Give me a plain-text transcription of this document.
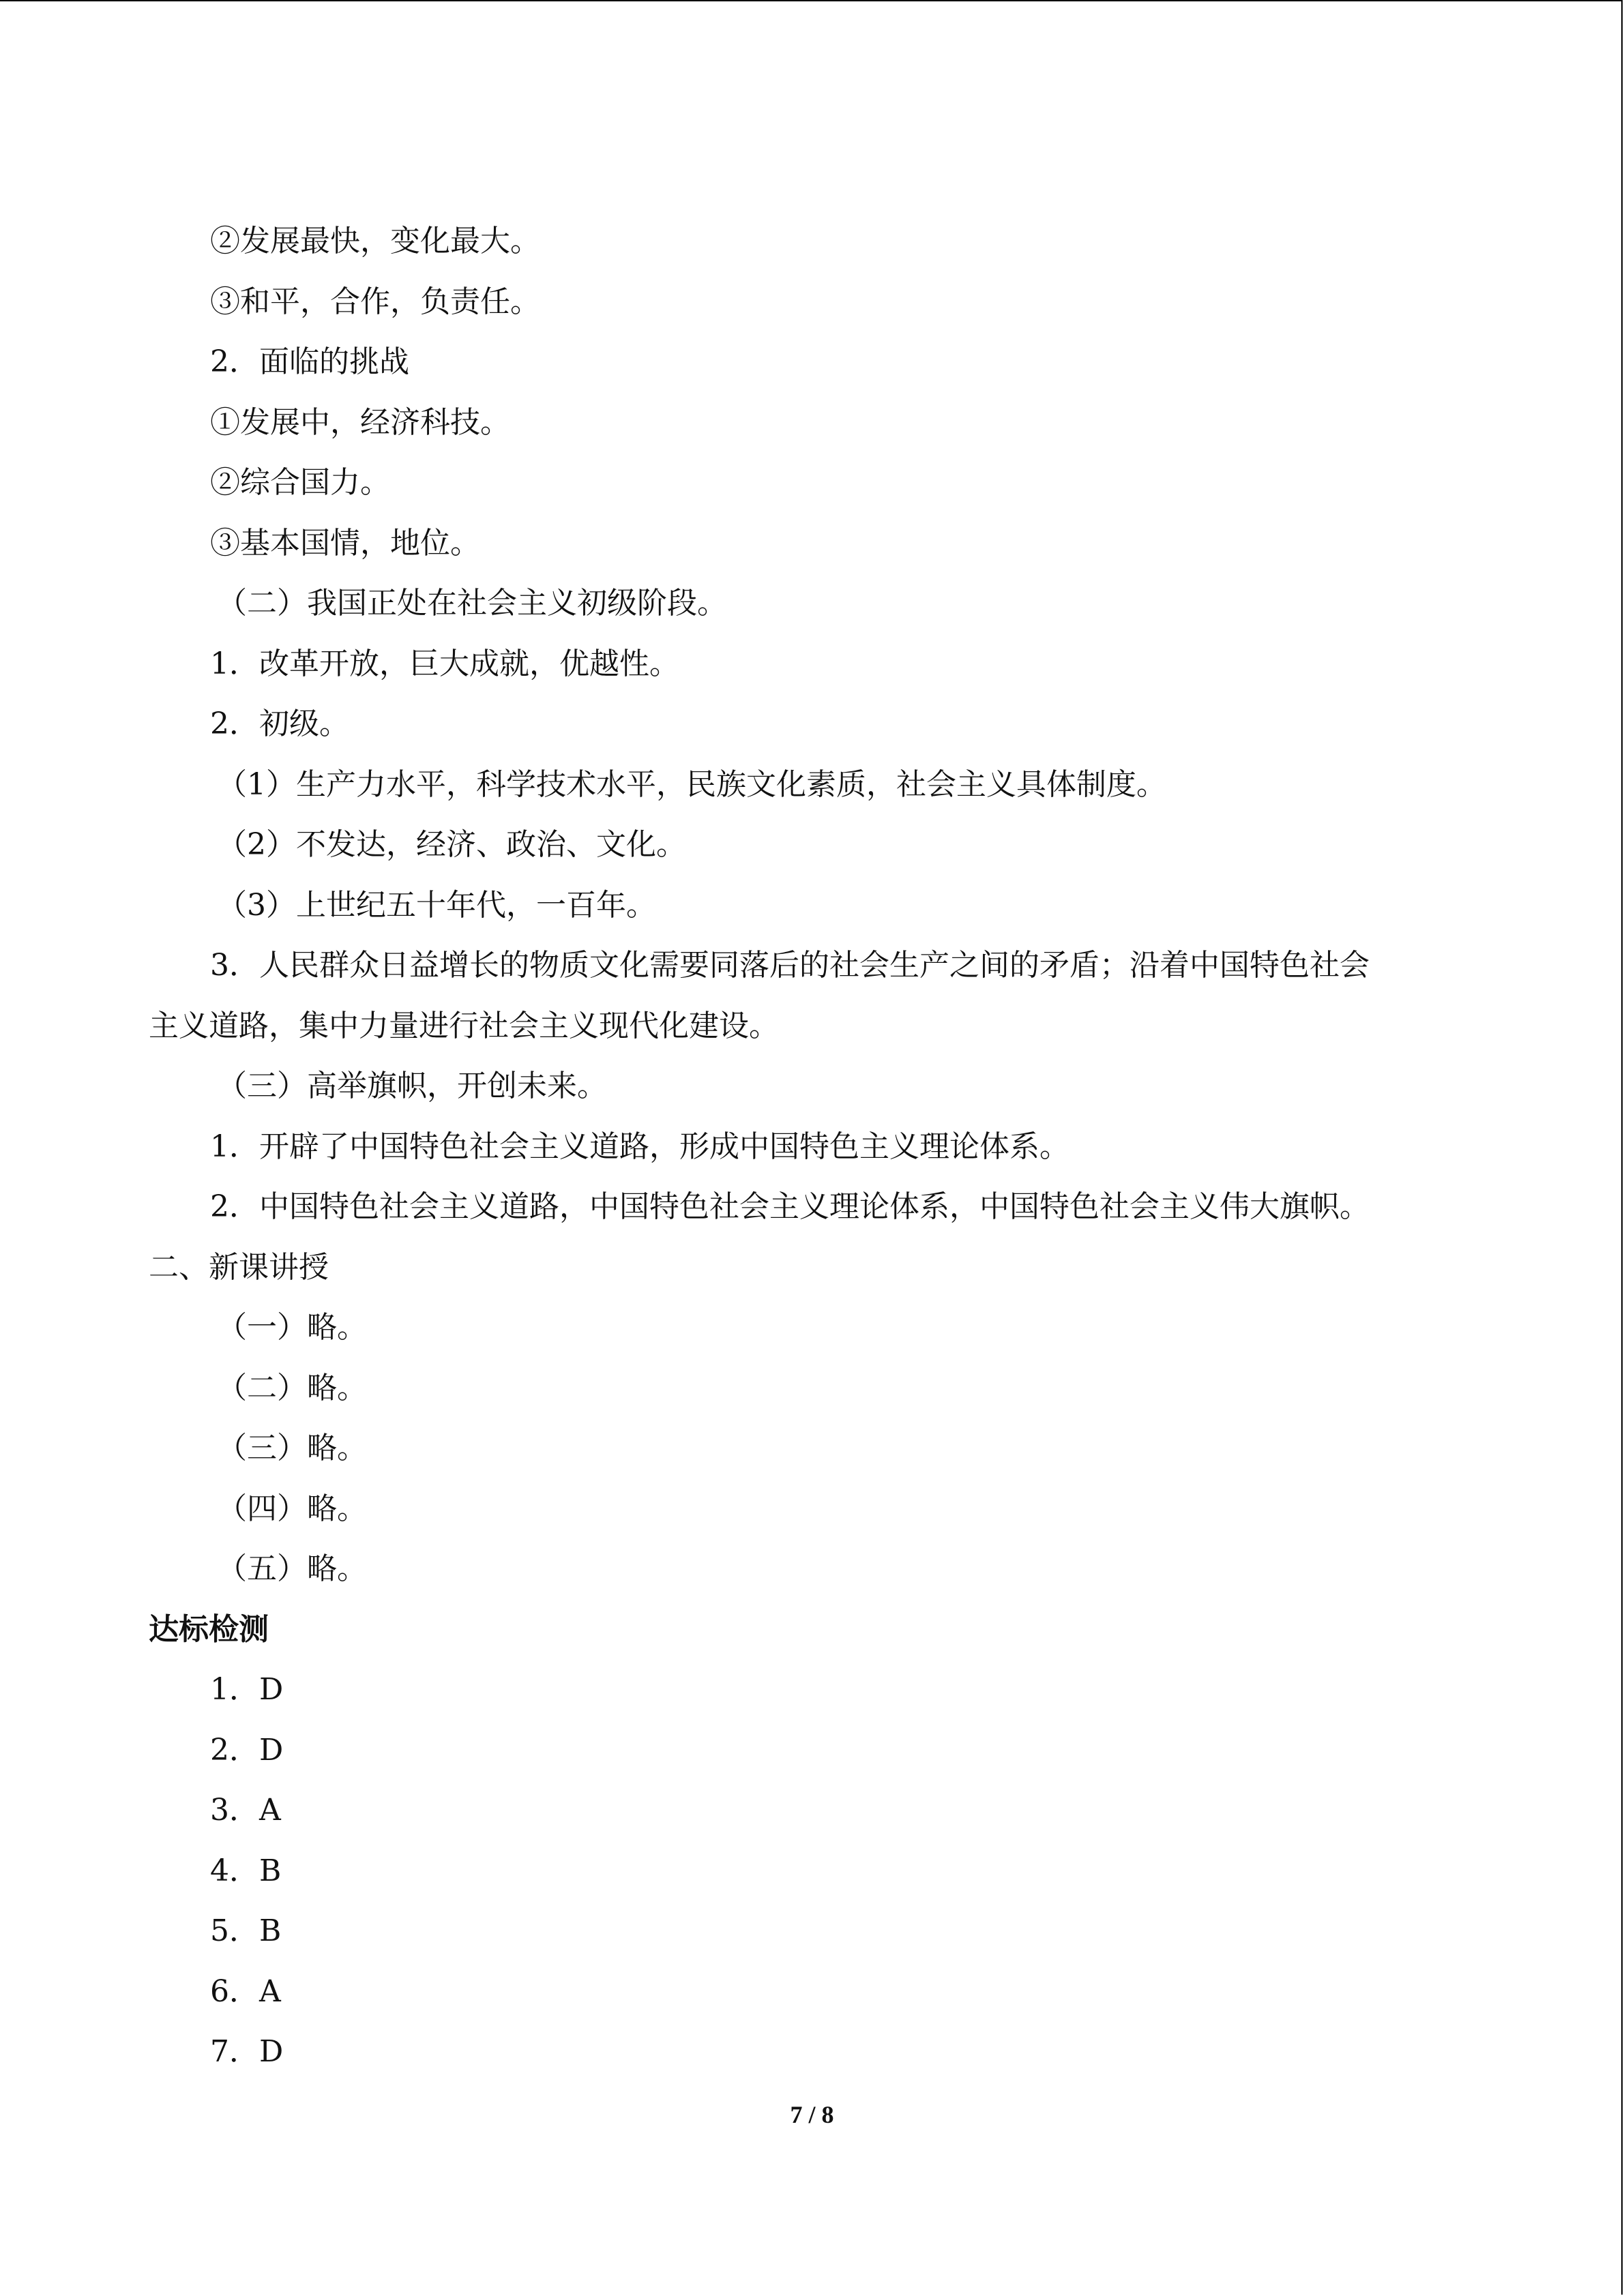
②发展最快，变化最大。

③和平，合作，负责任。

2．面临的挑战

①发展中，经济科技。

②综合国力。

③基本国情，地位。

（二）我国正处在社会主义初级阶段。

1．改革开放，巨大成就，优越性。

2．初级。

（1）生产力水平，科学技术水平，民族文化素质，社会主义具体制度。

（2）不发达，经济、政治、文化。

（3）上世纪五十年代，一百年。

3．人民群众日益增长的物质文化需要同落后的社会生产之间的矛盾；沿着中国特色社会

主义道路，集中力量进行社会主义现代化建设。

（三）高举旗帜，开创未来。

1．开辟了中国特色社会主义道路，形成中国特色主义理论体系。

2．中国特色社会主义道路，中国特色社会主义理论体系，中国特色社会主义伟大旗帜。

二、新课讲授

（一）略。

（二）略。

（三）略。

（四）略。

（五）略。

达标检测

1．D

2．D

3．A

4．B

5．B

6．A

7．D

7 / 8
